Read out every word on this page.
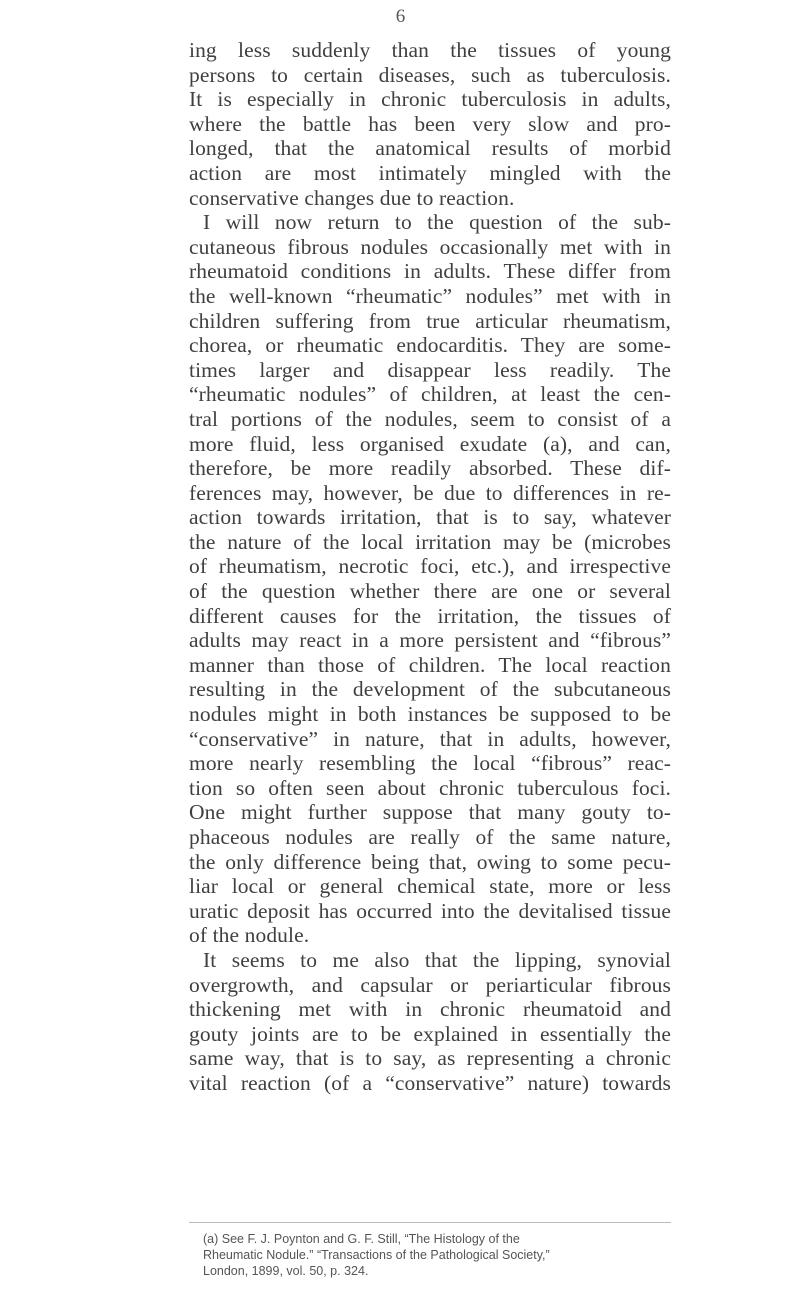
6
ing less suddenly than the tissues of young
persons to certain diseases, such as tuberculosis.
It is especially in chronic tuberculosis in adults,
where the battle has been very slow and pro-
longed, that the anatomical results of morbid
action are most intimately mingled with the
conservative changes due to reaction.
I will now return to the question of the sub-
cutaneous fibrous nodules occasionally met with in
rheumatoid conditions in adults. These differ from
the well-known “rheumatic” nodules” met with in
children suffering from true articular rheumatism,
chorea, or rheumatic endocarditis. They are some-
times larger and disappear less readily. The
“rheumatic nodules” of children, at least the cen-
tral portions of the nodules, seem to consist of a
more fluid, less organised exudate (a), and can,
therefore, be more readily absorbed. These dif-
ferences may, however, be due to differences in re-
action towards irritation, that is to say, whatever
the nature of the local irritation may be (microbes
of rheumatism, necrotic foci, etc.), and irrespective
of the question whether there are one or several
different causes for the irritation, the tissues of
adults may react in a more persistent and “fibrous”
manner than those of children. The local reaction
resulting in the development of the subcutaneous
nodules might in both instances be supposed to be
“conservative” in nature, that in adults, however,
more nearly resembling the local “fibrous” reac-
tion so often seen about chronic tuberculous foci.
One might further suppose that many gouty to-
phaceous nodules are really of the same nature,
the only difference being that, owing to some pecu-
liar local or general chemical state, more or less
uratic deposit has occurred into the devitalised tissue
of the nodule.
It seems to me also that the lipping, synovial
overgrowth, and capsular or periarticular fibrous
thickening met with in chronic rheumatoid and
gouty joints are to be explained in essentially the
same way, that is to say, as representing a chronic
vital reaction (of a “conservative” nature) towards
(a) See F. J. Poynton and G. F. Still, “The Histology of the
Rheumatic Nodule.” “Transactions of the Pathological Society,”
London, 1899, vol. 50, p. 324.
